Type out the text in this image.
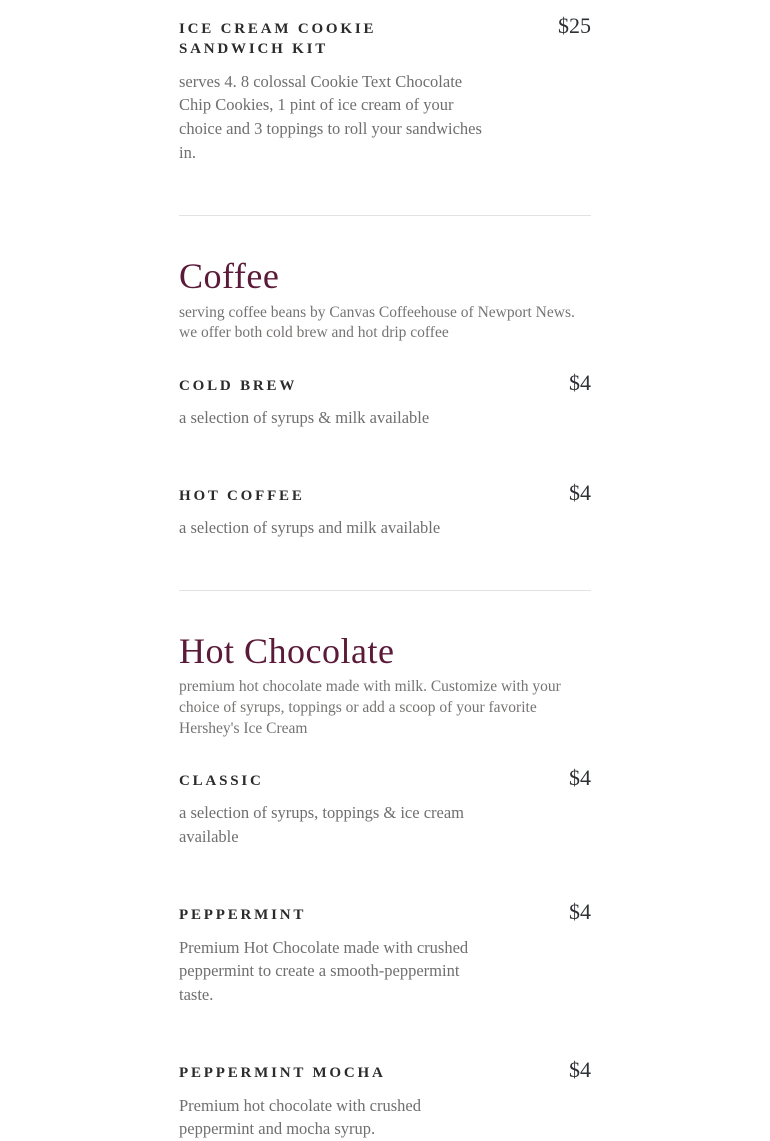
ICE CREAM COOKIE SANDWICH KIT

serves 4. 8 colossal Cookie Text Chocolate Chip Cookies, 1 pint of ice cream of your choice and 3 toppings to roll your sandwiches in.

$25
Coffee

serving coffee beans by Canvas Coffeehouse of Newport News. we offer both cold brew and hot drip coffee

COLD BREW

a selection of syrups & milk available

$4
HOT COFFEE

a selection of syrups and milk available

$4
Hot Chocolate

premium hot chocolate made with milk. Customize with your choice of syrups, toppings or add a scoop of your favorite Hershey's Ice Cream

CLASSIC

a selection of syrups, toppings & ice cream available

$4
PEPPERMINT

Premium Hot Chocolate made with crushed peppermint to create a smooth-peppermint taste.

$4
PEPPERMINT MOCHA

Premium hot chocolate with crushed peppermint and mocha syrup.

$4
